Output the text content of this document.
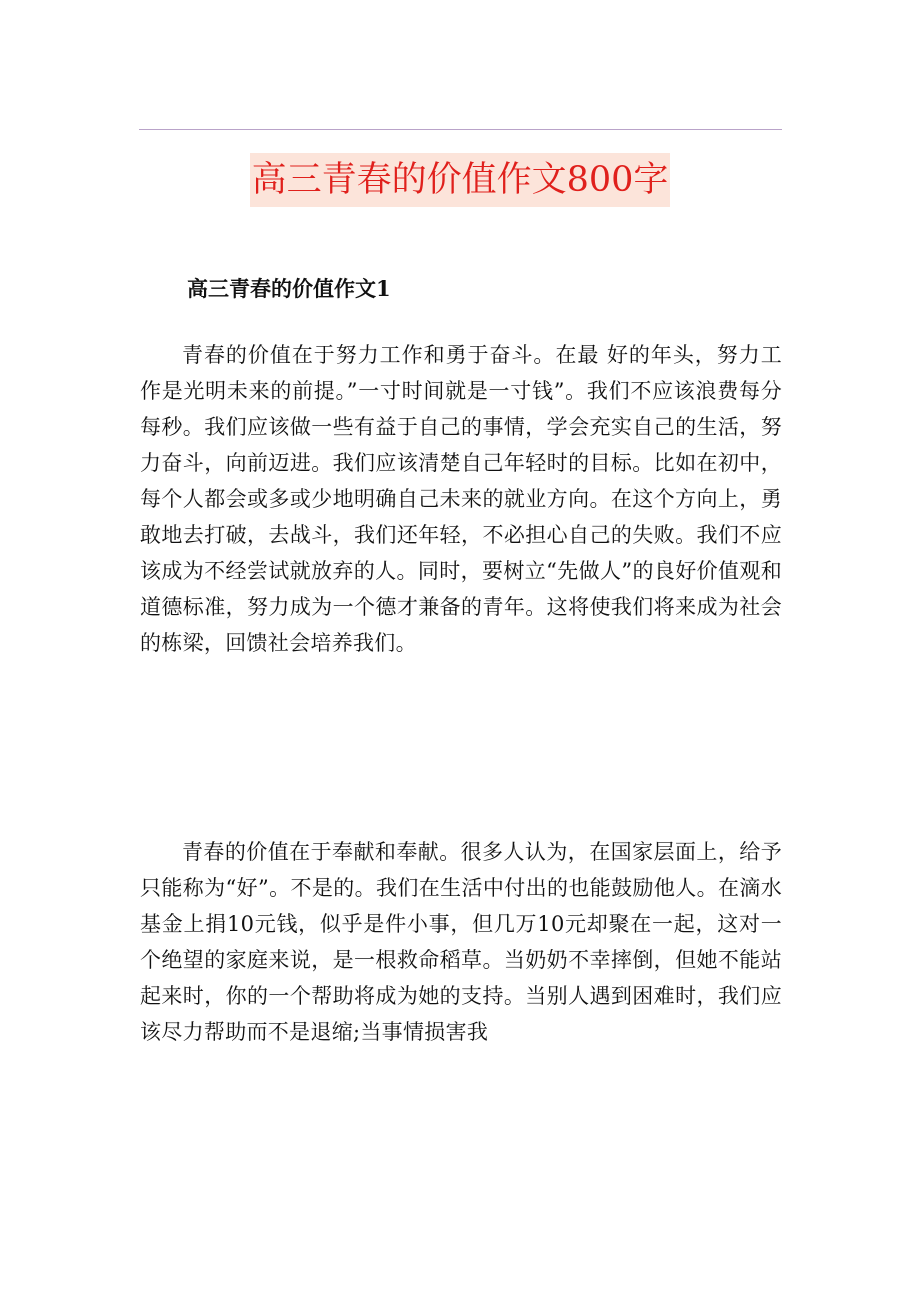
高三青春的价值作文800字
高三青春的价值作文1

青春的价值在于努力工作和勇于奋斗。在最 好的年头，努力工作是光明未来的前提。”一寸时间就是一寸钱”。我们不应该浪费每分每秒。我们应该做一些有益于自己的事情，学会充实自己的生活，努力奋斗，向前迈进。我们应该清楚自己年轻时的目标。比如在初中，每个人都会或多或少地明确自己未来的就业方向。在这个方向上，勇敢地去打破，去战斗，我们还年轻，不必担心自己的失败。我们不应该成为不经尝试就放弃的人。同时，要树立“先做人”的良好价值观和道德标准，努力成为一个德才兼备的青年。这将使我们将来成为社会的栋梁，回馈社会培养我们。

青春的价值在于奉献和奉献。很多人认为，在国家层面上，给予只能称为“好”。不是的。我们在生活中付出的也能鼓励他人。在滴水基金上捐10元钱，似乎是件小事，但几万10元却聚在一起，这对一个绝望的家庭来说，是一根救命稻草。当奶奶不幸摔倒，但她不能站起来时，你的一个帮助将成为她的支持。当别人遇到困难时，我们应该尽力帮助而不是退缩;当事情损害我
